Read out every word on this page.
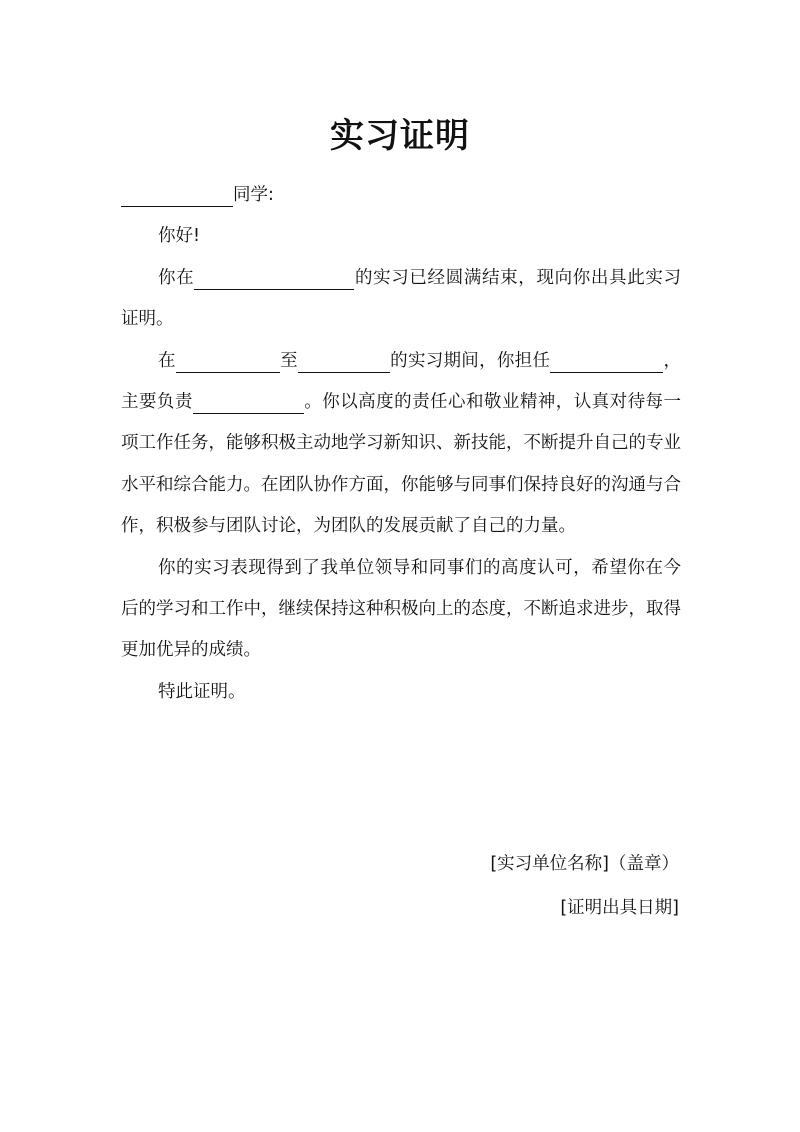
实习证明

同学:

你好!

你在	的实习已经圆满结束，现向你出具此实习证明。

在	至	的实习期间，你担任	，主要负责	。你以高度的责任心和敬业精神，认真对待每一项工作任务，能够积极主动地学习新知识、新技能，不断提升自己的专业水平和综合能力。在团队协作方面，你能够与同事们保持良好的沟通与合作，积极参与团队讨论，为团队的发展贡献了自己的力量。

你的实习表现得到了我单位领导和同事们的高度认可，希望你在今后的学习和工作中，继续保持这种积极向上的态度，不断追求进步，取得更加优异的成绩。

特此证明。

[实习单位名称]（盖章）
[证明出具日期]
